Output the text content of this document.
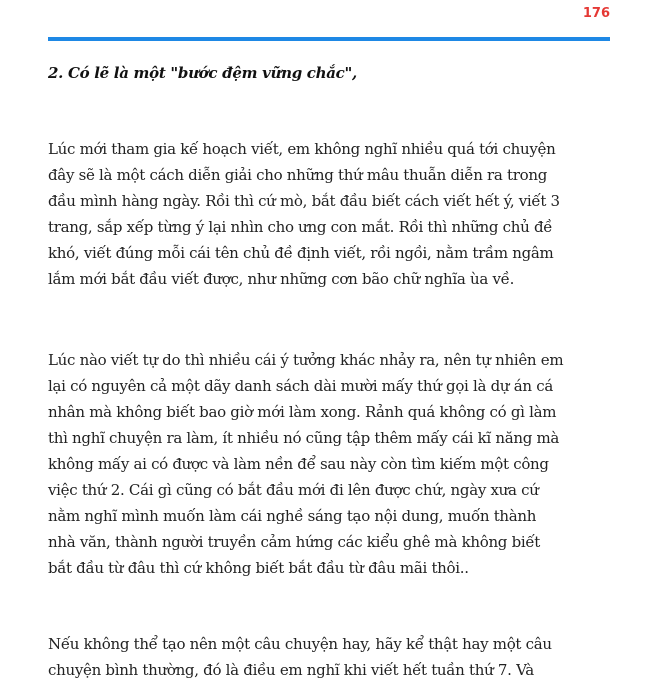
176
2. Có lẽ là một "bước đệm vững chắc",

Lúc mới tham gia kế hoạch viết, em không nghĩ nhiều quá tới chuyện
đây sẽ là một cách diễn giải cho những thứ mâu thuẫn diễn ra trong
đầu mình hàng ngày. Rồi thì cứ mò, bắt đầu biết cách viết hết ý, viết 3
trang, sắp xếp từng ý lại nhìn cho ưng con mắt. Rồi thì những chủ đề
khó, viết đúng mỗi cái tên chủ đề định viết, rồi ngồi, nằm trầm ngâm
lắm mới bắt đầu viết được, như những cơn bão chữ nghĩa ùa về.

Lúc nào viết tự do thì nhiều cái ý tưởng khác nhảy ra, nên tự nhiên em
lại có nguyên cả một dãy danh sách dài mười mấy thứ gọi là dự án cá
nhân mà không biết bao giờ mới làm xong. Rảnh quá không có gì làm
thì nghĩ chuyện ra làm, ít nhiều nó cũng tập thêm mấy cái kĩ năng mà
không mấy ai có được và làm nền để sau này còn tìm kiếm một công
việc thứ 2. Cái gì cũng có bắt đầu mới đi lên được chứ, ngày xưa cứ
nằm nghĩ mình muốn làm cái nghề sáng tạo nội dung, muốn thành
nhà văn, thành người truyền cảm hứng các kiểu ghê mà không biết
bắt đầu từ đâu thì cứ không biết bắt đầu từ đâu mãi thôi..

Nếu không thể tạo nên một câu chuyện hay, hãy kể thật hay một câu
chuyện bình thường, đó là điều em nghĩ khi viết hết tuần thứ 7. Và
